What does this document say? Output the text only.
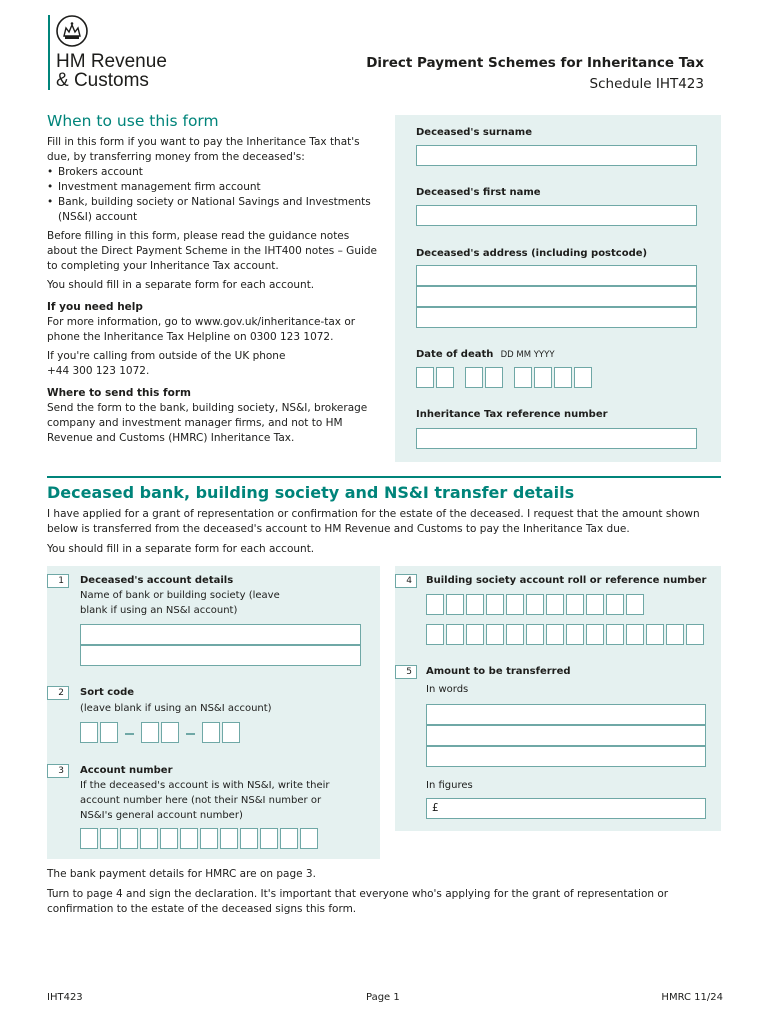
HM Revenue
& Customs
Direct Payment Schemes for Inheritance Tax
Schedule IHT423
When to use this form
Fill in this form if you want to pay the Inheritance Tax that's due, by transferring money from the deceased's:
• Brokers account
• Investment management firm account
• Bank, building society or National Savings and Investments (NS&I) account
Before filling in this form, please read the guidance notes about the Direct Payment Scheme in the IHT400 notes – Guide to completing your Inheritance Tax account.
You should fill in a separate form for each account.
If you need help
For more information, go to www.gov.uk/inheritance-tax or phone the Inheritance Tax Helpline on 0300 123 1072.
If you're calling from outside of the UK phone +44 300 123 1072.
Where to send this form
Send the form to the bank, building society, NS&I, brokerage company and investment manager firms, and not to HM Revenue and Customs (HMRC) Inheritance Tax.
Deceased's surname
Deceased's first name
Deceased's address (including postcode)
Date of death DD MM YYYY
Inheritance Tax reference number
Deceased bank, building society and NS&I transfer details
I have applied for a grant of representation or confirmation for the estate of the deceased. I request that the amount shown below is transferred from the deceased's account to HM Revenue and Customs to pay the Inheritance Tax due.
You should fill in a separate form for each account.
1	Deceased's account details
Name of bank or building society (leave blank if using an NS&I account)
2	Sort code
(leave blank if using an NS&I account)
3	Account number
If the deceased's account is with NS&I, write their account number here (not their NS&I number or NS&I's general account number)
4	Building society account roll or reference number
5	Amount to be transferred
In words
In figures
£
The bank payment details for HMRC are on page 3.
Turn to page 4 and sign the declaration. It's important that everyone who's applying for the grant of representation or confirmation to the estate of the deceased signs this form.
IHT423	Page 1	HMRC 11/24
